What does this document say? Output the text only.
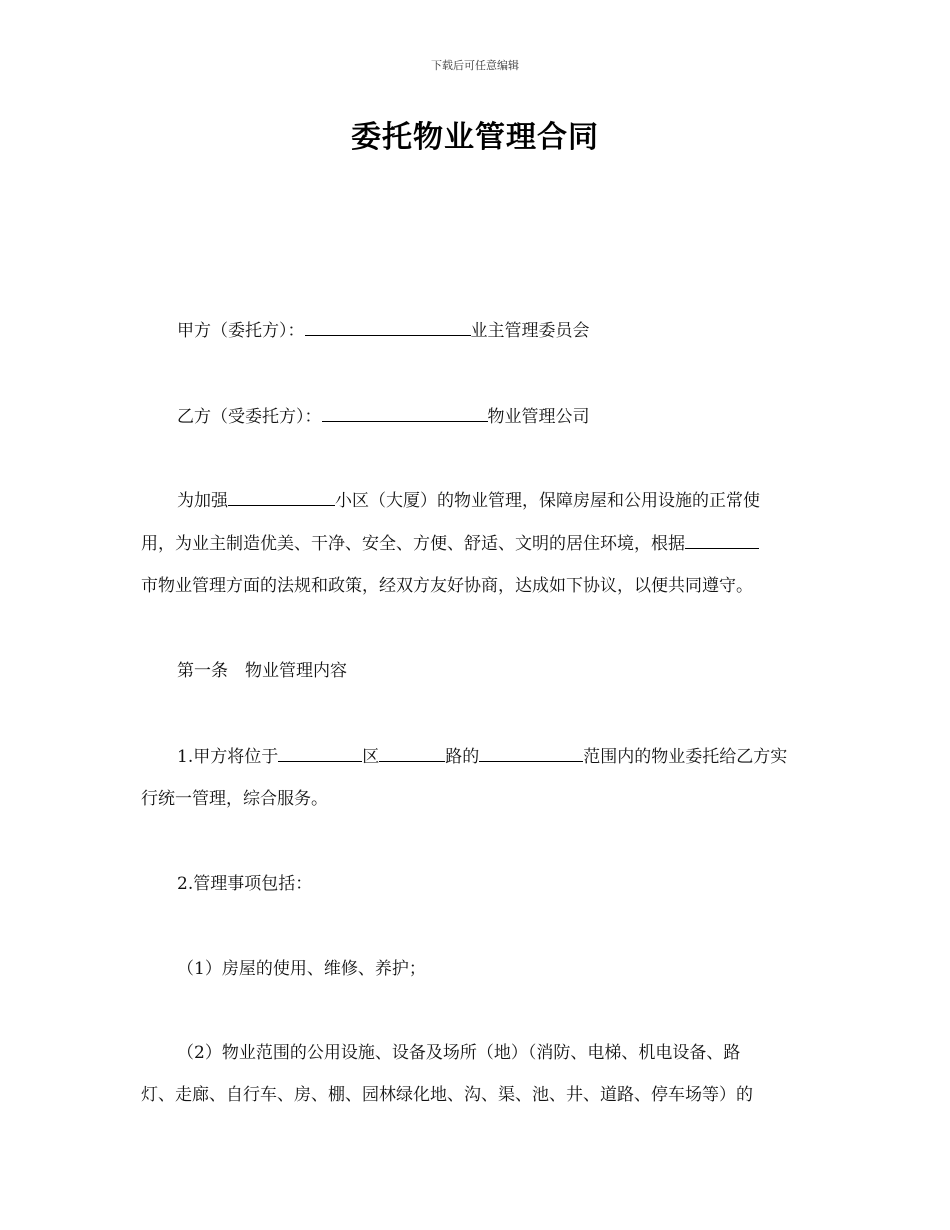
下载后可任意编辑
委托物业管理合同
甲方（委托方）：	业主管理委员会
乙方（受委托方）：	物业管理公司
为加强	小区（大厦）的物业管理，保障房屋和公用设施的正常使
用，为业主制造优美、干净、安全、方便、舒适、文明的居住环境，根据
市物业管理方面的法规和政策，经双方友好协商，达成如下协议，以便共同遵守。
第一条　物业管理内容
1.甲方将位于	区	路的	范围内的物业委托给乙方实
行统一管理，综合服务。
2.管理事项包括：
（1）房屋的使用、维修、养护；
（2）物业范围的公用设施、设备及场所（地）（消防、电梯、机电设备、路
灯、走廊、自行车、房、棚、园林绿化地、沟、渠、池、井、道路、停车场等）的
